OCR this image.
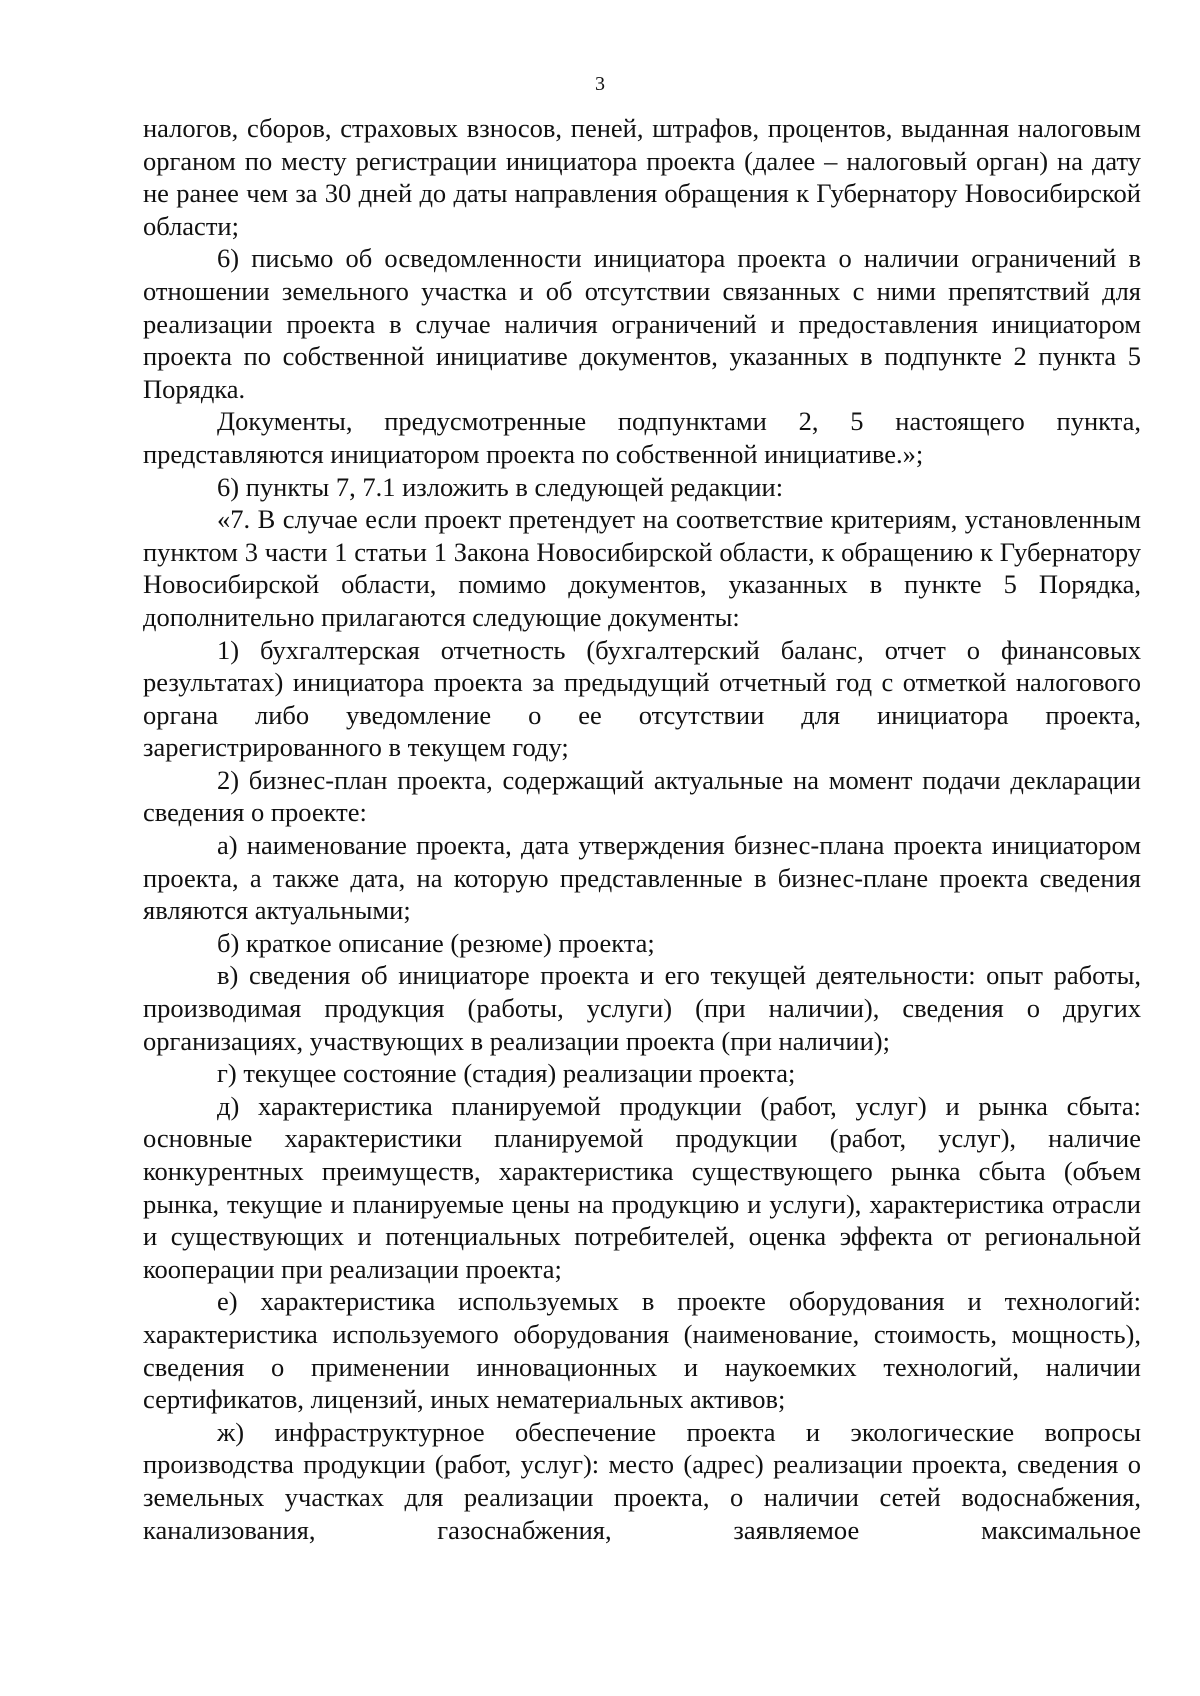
3

налогов, сборов, страховых взносов, пеней, штрафов, процентов, выданная налоговым органом по месту регистрации инициатора проекта (далее – налоговый орган) на дату не ранее чем за 30 дней до даты направления обращения к Губернатору Новосибирской области;

6) письмо об осведомленности инициатора проекта о наличии ограничений в отношении земельного участка и об отсутствии связанных с ними препятствий для реализации проекта в случае наличия ограничений и предоставления инициатором проекта по собственной инициативе документов, указанных в подпункте 2 пункта 5 Порядка.

Документы, предусмотренные подпунктами 2, 5 настоящего пункта, представляются инициатором проекта по собственной инициативе.»;

6) пункты 7, 7.1 изложить в следующей редакции:

«7. В случае если проект претендует на соответствие критериям, установленным пунктом 3 части 1 статьи 1 Закона Новосибирской области, к обращению к Губернатору Новосибирской области, помимо документов, указанных в пункте 5 Порядка, дополнительно прилагаются следующие документы:

1) бухгалтерская отчетность (бухгалтерский баланс, отчет о финансовых результатах) инициатора проекта за предыдущий отчетный год с отметкой налогового органа либо уведомление о ее отсутствии для инициатора проекта, зарегистрированного в текущем году;

2) бизнес-план проекта, содержащий актуальные на момент подачи декларации сведения о проекте:

а) наименование проекта, дата утверждения бизнес-плана проекта инициатором проекта, а также дата, на которую представленные в бизнес-плане проекта сведения являются актуальными;

б) краткое описание (резюме) проекта;

в) сведения об инициаторе проекта и его текущей деятельности: опыт работы, производимая продукция (работы, услуги) (при наличии), сведения о других организациях, участвующих в реализации проекта (при наличии);

г) текущее состояние (стадия) реализации проекта;

д) характеристика планируемой продукции (работ, услуг) и рынка сбыта: основные характеристики планируемой продукции (работ, услуг), наличие конкурентных преимуществ, характеристика существующего рынка сбыта (объем рынка, текущие и планируемые цены на продукцию и услуги), характеристика отрасли и существующих и потенциальных потребителей, оценка эффекта от региональной кооперации при реализации проекта;

е) характеристика используемых в проекте оборудования и технологий: характеристика используемого оборудования (наименование, стоимость, мощность), сведения о применении инновационных и наукоемких технологий, наличии сертификатов, лицензий, иных нематериальных активов;

ж) инфраструктурное обеспечение проекта и экологические вопросы производства продукции (работ, услуг): место (адрес) реализации проекта, сведения о земельных участках для реализации проекта, о наличии сетей водоснабжения, канализования, газоснабжения, заявляемое максимальное
